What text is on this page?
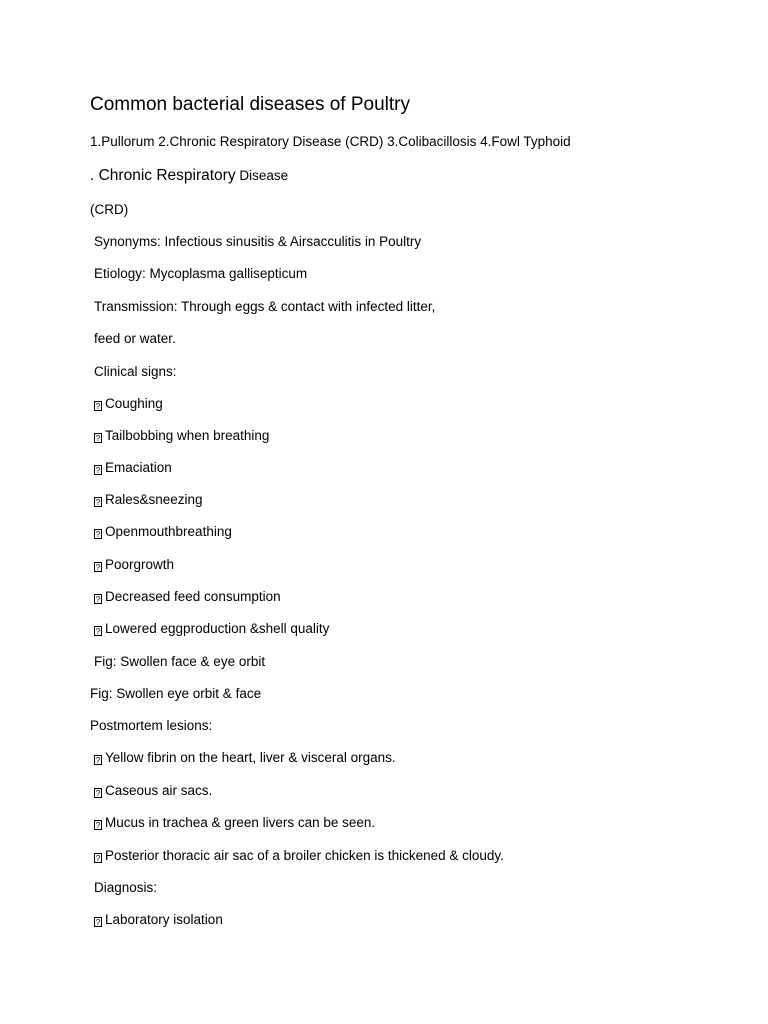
Common bacterial diseases of Poultry
1.Pullorum 2.Chronic Respiratory Disease (CRD) 3.Colibacillosis 4.Fowl Typhoid
. Chronic Respiratory Disease
(CRD)
Synonyms: Infectious sinusitis & Airsacculitis in Poultry
Etiology: Mycoplasma gallisepticum
Transmission: Through eggs & contact with infected litter,
feed or water.
Clinical signs:
? Coughing
? Tailbobbing when breathing
? Emaciation
? Rales&sneezing
? Openmouthbreathing
? Poorgrowth
? Decreased feed consumption
? Lowered eggproduction &shell quality
Fig: Swollen face & eye orbit
Fig: Swollen eye orbit & face
Postmortem lesions:
? Yellow fibrin on the heart, liver & visceral organs.
? Caseous air sacs.
? Mucus in trachea & green livers can be seen.
? Posterior thoracic air sac of a broiler chicken is thickened & cloudy.
Diagnosis:
? Laboratory isolation
